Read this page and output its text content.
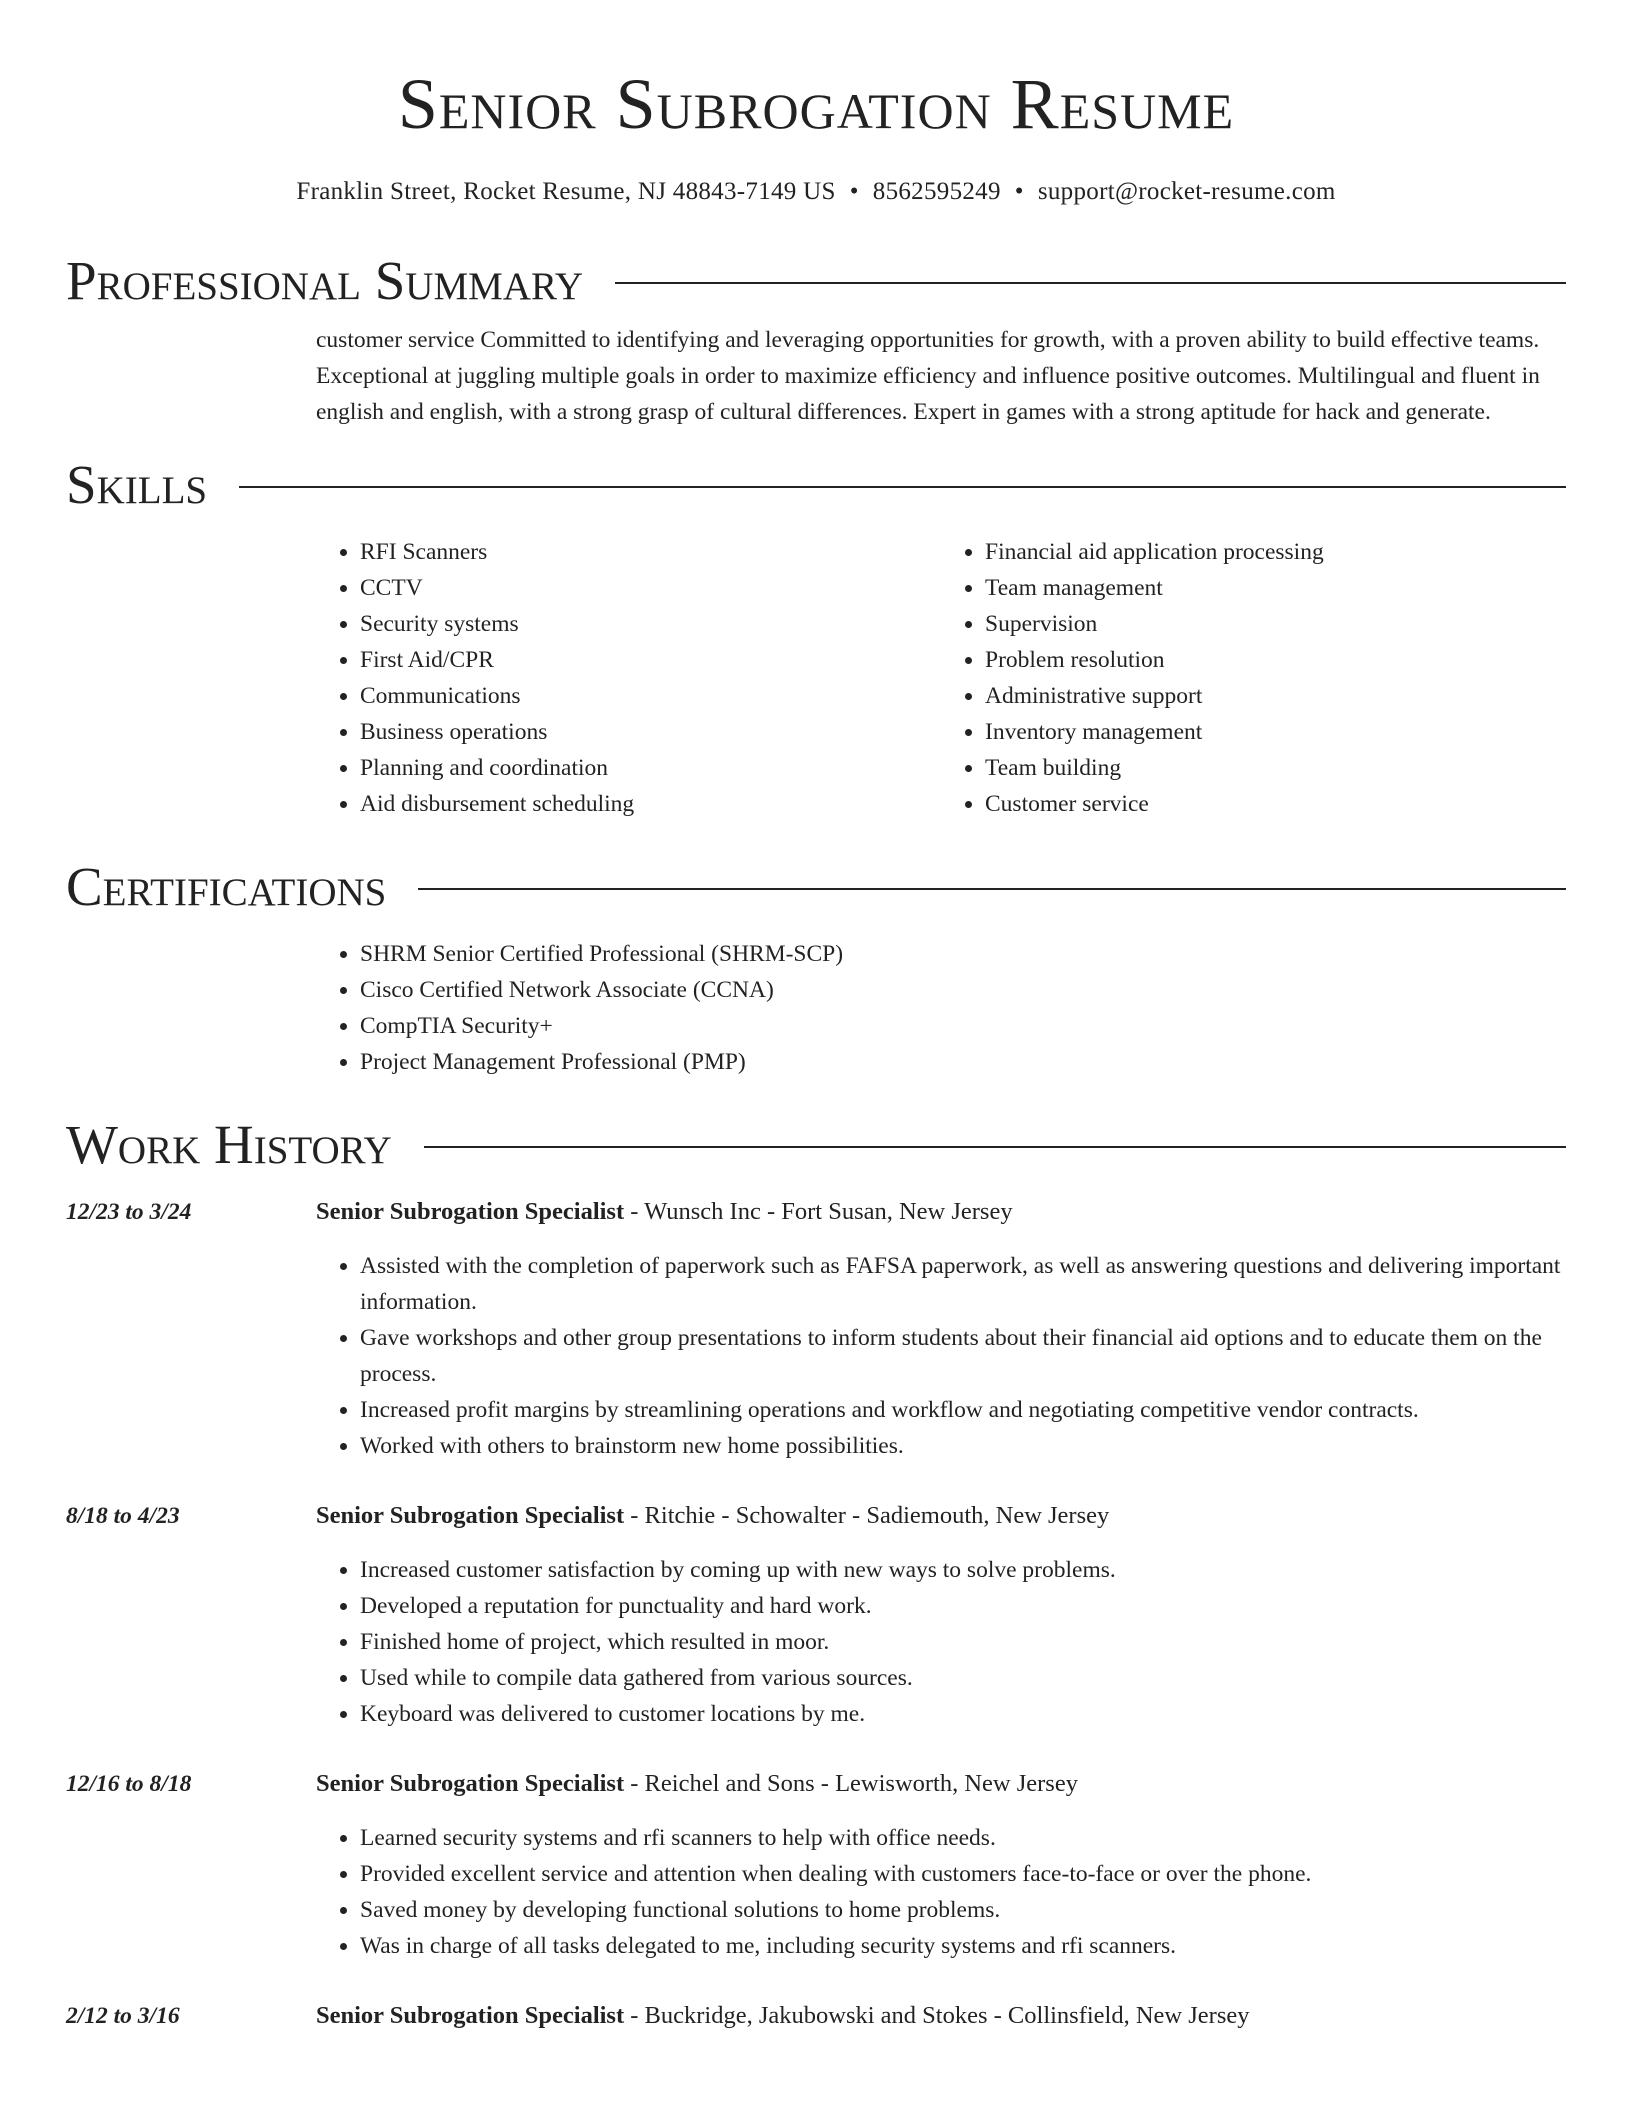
Senior Subrogation Resume
Franklin Street, Rocket Resume, NJ 48843-7149 US • 8562595249 • support@rocket-resume.com
Professional Summary

customer service Committed to identifying and leveraging opportunities for growth, with a proven ability to build effective teams. Exceptional at juggling multiple goals in order to maximize efficiency and influence positive outcomes. Multilingual and fluent in english and english, with a strong grasp of cultural differences. Expert in games with a strong aptitude for hack and generate.

Skills
• RFI Scanners
• CCTV
• Security systems
• First Aid/CPR
• Communications
• Business operations
• Planning and coordination
• Aid disbursement scheduling
• Financial aid application processing
• Team management
• Supervision
• Problem resolution
• Administrative support
• Inventory management
• Team building
• Customer service
Certifications
• SHRM Senior Certified Professional (SHRM-SCP)
• Cisco Certified Network Associate (CCNA)
• CompTIA Security+
• Project Management Professional (PMP)
Work History
12/23 to 3/24	Senior Subrogation Specialist - Wunsch Inc - Fort Susan, New Jersey
• Assisted with the completion of paperwork such as FAFSA paperwork, as well as answering questions and delivering important information.
• Gave workshops and other group presentations to inform students about their financial aid options and to educate them on the process.
• Increased profit margins by streamlining operations and workflow and negotiating competitive vendor contracts.
• Worked with others to brainstorm new home possibilities.
8/18 to 4/23	Senior Subrogation Specialist - Ritchie - Schowalter - Sadiemouth, New Jersey
• Increased customer satisfaction by coming up with new ways to solve problems.
• Developed a reputation for punctuality and hard work.
• Finished home of project, which resulted in moor.
• Used while to compile data gathered from various sources.
• Keyboard was delivered to customer locations by me.
12/16 to 8/18	Senior Subrogation Specialist - Reichel and Sons - Lewisworth, New Jersey
• Learned security systems and rfi scanners to help with office needs.
• Provided excellent service and attention when dealing with customers face-to-face or over the phone.
• Saved money by developing functional solutions to home problems.
• Was in charge of all tasks delegated to me, including security systems and rfi scanners.
2/12 to 3/16	Senior Subrogation Specialist - Buckridge, Jakubowski and Stokes - Collinsfield, New Jersey
